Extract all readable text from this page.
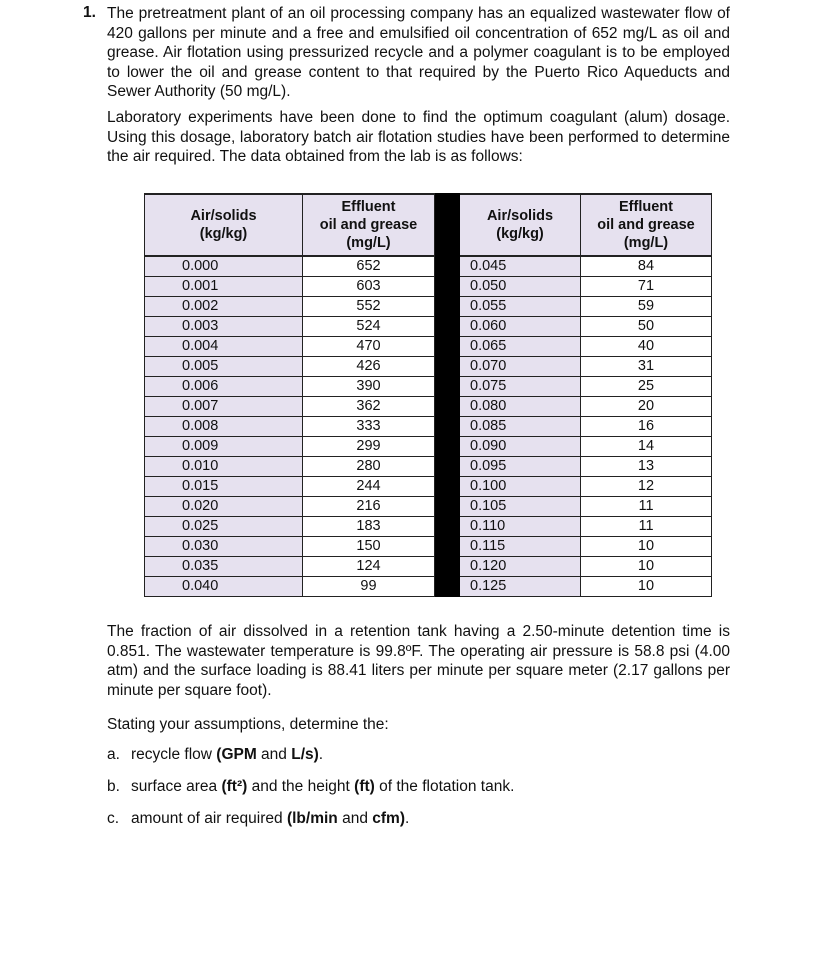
1. The pretreatment plant of an oil processing company has an equalized wastewater flow of 420 gallons per minute and a free and emulsified oil concentration of 652 mg/L as oil and grease. Air flotation using pressurized recycle and a polymer coagulant is to be employed to lower the oil and grease content to that required by the Puerto Rico Aqueducts and Sewer Authority (50 mg/L).

Laboratory experiments have been done to find the optimum coagulant (alum) dosage. Using this dosage, laboratory batch air flotation studies have been performed to determine the air required. The data obtained from the lab is as follows:

Air/solids
(kg/kg)	Effluent
oil and grease
(mg/L)		Air/solids
(kg/kg)	Effluent
oil and grease
(mg/L)
0.000	652		0.045	84
0.001	603		0.050	71
0.002	552		0.055	59
0.003	524		0.060	50
0.004	470		0.065	40
0.005	426		0.070	31
0.006	390		0.075	25
0.007	362		0.080	20
0.008	333		0.085	16
0.009	299		0.090	14
0.010	280		0.095	13
0.015	244		0.100	12
0.020	216		0.105	11
0.025	183		0.110	11
0.030	150		0.115	10
0.035	124		0.120	10
0.040	99		0.125	10

The fraction of air dissolved in a retention tank having a 2.50-minute detention time is 0.851. The wastewater temperature is 99.8ºF. The operating air pressure is 58.8 psi (4.00 atm) and the surface loading is 88.41 liters per minute per square meter (2.17 gallons per minute per square foot).

Stating your assumptions, determine the:

a. recycle flow (GPM and L/s).

b. surface area (ft²) and the height (ft) of the flotation tank.

c. amount of air required (lb/min and cfm).
